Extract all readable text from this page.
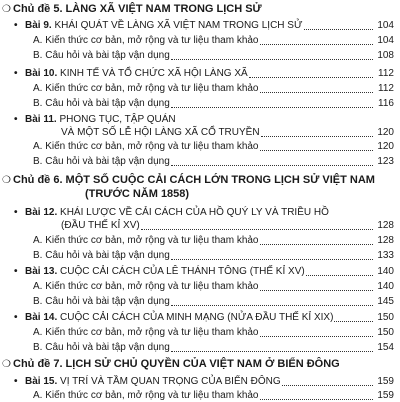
❍ Chủ đề 5. LÀNG XÃ VIỆT NAM TRONG LỊCH SỬ
• Bài 9. KHÁI QUÁT VỀ LÀNG XÃ VIỆT NAM TRONG LỊCH SỬ	104
A. Kiến thức cơ bản, mở rộng và tư liệu tham khảo	104
B. Câu hỏi và bài tập vận dụng	108
• Bài 10. KINH TẾ VÀ TỔ CHỨC XÃ HỘI LÀNG XÃ	112
A. Kiến thức cơ bản, mở rộng và tư liệu tham khảo	112
B. Câu hỏi và bài tập vận dụng	116
• Bài 11. PHONG TỤC, TẬP QUÁN
VÀ MỘT SỐ LỄ HỘI LÀNG XÃ CỔ TRUYỀN	120
A. Kiến thức cơ bản, mở rộng và tư liệu tham khảo	120
B. Câu hỏi và bài tập vận dụng	123
❍ Chủ đề 6. MỘT SỐ CUỘC CẢI CÁCH LỚN TRONG LỊCH SỬ VIỆT NAM
(TRƯỚC NĂM 1858)
• Bài 12. KHÁI LƯỢC VỀ CẢI CÁCH CỦA HỒ QUÝ LY VÀ TRIỀU HỒ
(ĐẦU THẾ KỈ XV)	128
A. Kiến thức cơ bản, mở rộng và tư liệu tham khảo	128
B. Câu hỏi và bài tập vận dụng	133
• Bài 13. CUỘC CẢI CÁCH CỦA LÊ THÁNH TÔNG (THẾ KỈ XV)	140
A. Kiến thức cơ bản, mở rộng và tư liệu tham khảo	140
B. Câu hỏi và bài tập vận dụng	145
• Bài 14. CUỘC CẢI CÁCH CỦA MINH MẠNG (NỬA ĐẦU THẾ KỈ XIX)	150
A. Kiến thức cơ bản, mở rộng và tư liệu tham khảo	150
B. Câu hỏi và bài tập vận dụng	154
❍ Chủ đề 7. LỊCH SỬ CHỦ QUYỀN CỦA VIỆT NAM Ở BIỂN ĐÔNG
• Bài 15. VỊ TRÍ VÀ TẦM QUAN TRỌNG CỦA BIỂN ĐÔNG	159
A. Kiến thức cơ bản, mở rộng và tư liệu tham khảo	159
